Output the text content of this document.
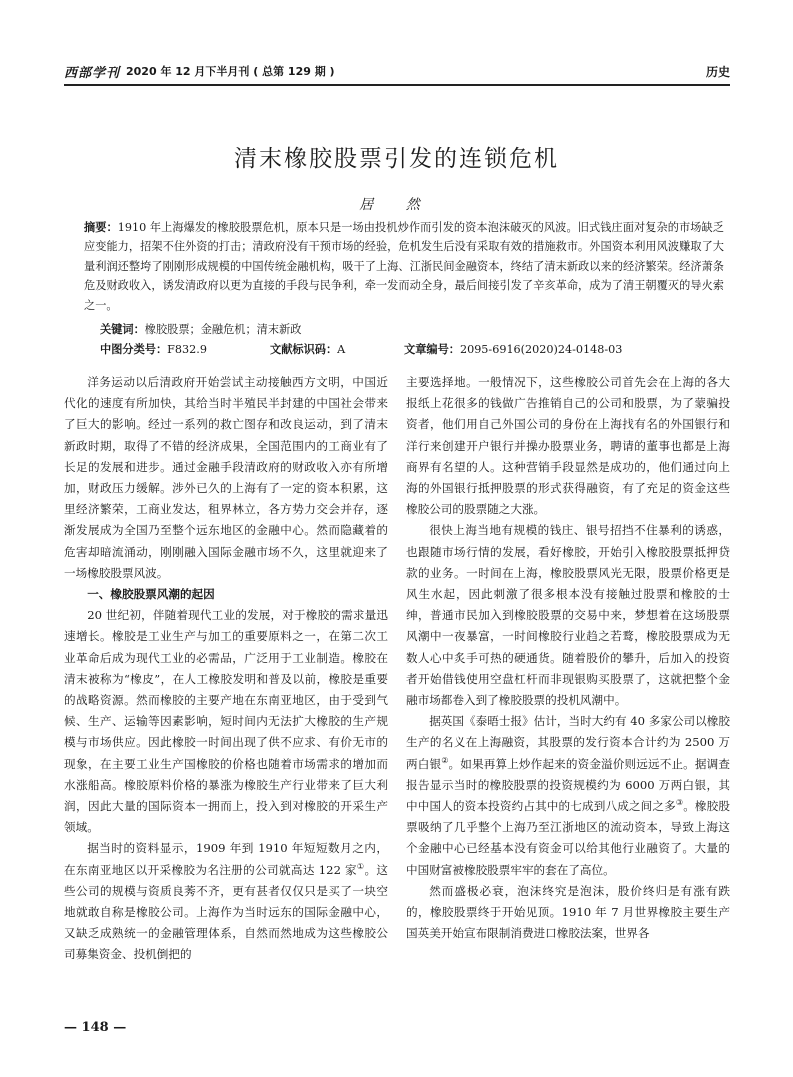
西部学刊 2020 年 12 月下半月刊 ( 总第 129 期 )	历史
清末橡胶股票引发的连锁危机
居 然
摘要：1910 年上海爆发的橡胶股票危机，原本只是一场由投机炒作而引发的资本泡沫破灭的风波。旧式钱庄面对复杂的市场缺乏应变能力，招架不住外资的打击；清政府没有干预市场的经验，危机发生后没有采取有效的措施救市。外国资本利用风波赚取了大量利润还整垮了刚刚形成规模的中国传统金融机构，吸干了上海、江浙民间金融资本，终结了清末新政以来的经济繁荣。经济萧条危及财政收入，诱发清政府以更为直接的手段与民争利，牵一发而动全身，最后间接引发了辛亥革命，成为了清王朝覆灭的导火索之一。
关键词：橡胶股票；金融危机；清末新政
中图分类号：F832.9	文献标识码：A	文章编号：2095-6916(2020)24-0148-03

洋务运动以后清政府开始尝试主动接触西方文明，中国近代化的速度有所加快，其给当时半殖民半封建的中国社会带来了巨大的影响。经过一系列的救亡图存和改良运动，到了清末新政时期，取得了不错的经济成果，全国范围内的工商业有了长足的发展和进步。通过金融手段清政府的财政收入亦有所增加，财政压力缓解。涉外已久的上海有了一定的资本积累，这里经济繁荣，工商业发达，租界林立，各方势力交会并存，逐渐发展成为全国乃至整个远东地区的金融中心。然而隐藏着的危害却暗流涌动，刚刚融入国际金融市场不久，这里就迎来了一场橡胶股票风波。

一、橡胶股票风潮的起因

20 世纪初，伴随着现代工业的发展，对于橡胶的需求量迅速增长。橡胶是工业生产与加工的重要原料之一，在第二次工业革命后成为现代工业的必需品，广泛用于工业制造。橡胶在清末被称为“橡皮”，在人工橡胶发明和普及以前，橡胶是重要的战略资源。然而橡胶的主要产地在东南亚地区，由于受到气候、生产、运输等因素影响，短时间内无法扩大橡胶的生产规模与市场供应。因此橡胶一时间出现了供不应求、有价无市的现象，在主要工业生产国橡胶的价格也随着市场需求的增加而水涨船高。橡胶原料价格的暴涨为橡胶生产行业带来了巨大利润，因此大量的国际资本一拥而上，投入到对橡胶的开采生产领域。

据当时的资料显示，1909 年到 1910 年短短数月之内，在东南亚地区以开采橡胶为名注册的公司就高达 122 家①。这些公司的规模与资质良莠不齐，更有甚者仅仅只是买了一块空地就敢自称是橡胶公司。上海作为当时远东的国际金融中心，又缺乏成熟统一的金融管理体系，自然而然地成为这些橡胶公司募集资金、投机倒把的

主要选择地。一般情况下，这些橡胶公司首先会在上海的各大报纸上花很多的钱做广告推销自己的公司和股票，为了蒙骗投资者，他们用自己外国公司的身份在上海找有名的外国银行和洋行来创建开户银行并操办股票业务，聘请的董事也都是上海商界有名望的人。这种营销手段显然是成功的，他们通过向上海的外国银行抵押股票的形式获得融资，有了充足的资金这些橡胶公司的股票随之大涨。

很快上海当地有规模的钱庄、银号招挡不住暴利的诱惑，也跟随市场行情的发展，看好橡胶，开始引入橡胶股票抵押贷款的业务。一时间在上海，橡胶股票风光无限，股票价格更是风生水起，因此刺激了很多根本没有接触过股票和橡胶的士绅，普通市民加入到橡胶股票的交易中来，梦想着在这场股票风潮中一夜暴富，一时间橡胶行业趋之若鹜，橡胶股票成为无数人心中炙手可热的硬通货。随着股价的攀升，后加入的投资者开始借钱使用空盘杠杆而非现银购买股票了，这就把整个金融市场都卷入到了橡胶股票的投机风潮中。

据英国《泰晤士报》估计，当时大约有 40 多家公司以橡胶生产的名义在上海融资，其股票的发行资本合计约为 2500 万两白银②。如果再算上炒作起来的资金溢价则远远不止。据调查报告显示当时的橡胶股票的投资规模约为 6000 万两白银，其中中国人的资本投资约占其中的七成到八成之间之多③。橡胶股票吸纳了几乎整个上海乃至江浙地区的流动资本，导致上海这个金融中心已经基本没有资金可以给其他行业融资了。大量的中国财富被橡胶股票牢牢的套在了高位。

然而盛极必衰，泡沫终究是泡沫，股价终归是有涨有跌的，橡胶股票终于开始见顶。1910 年 7 月世界橡胶主要生产国英美开始宣布限制消费进口橡胶法案，世界各

— 148 —
